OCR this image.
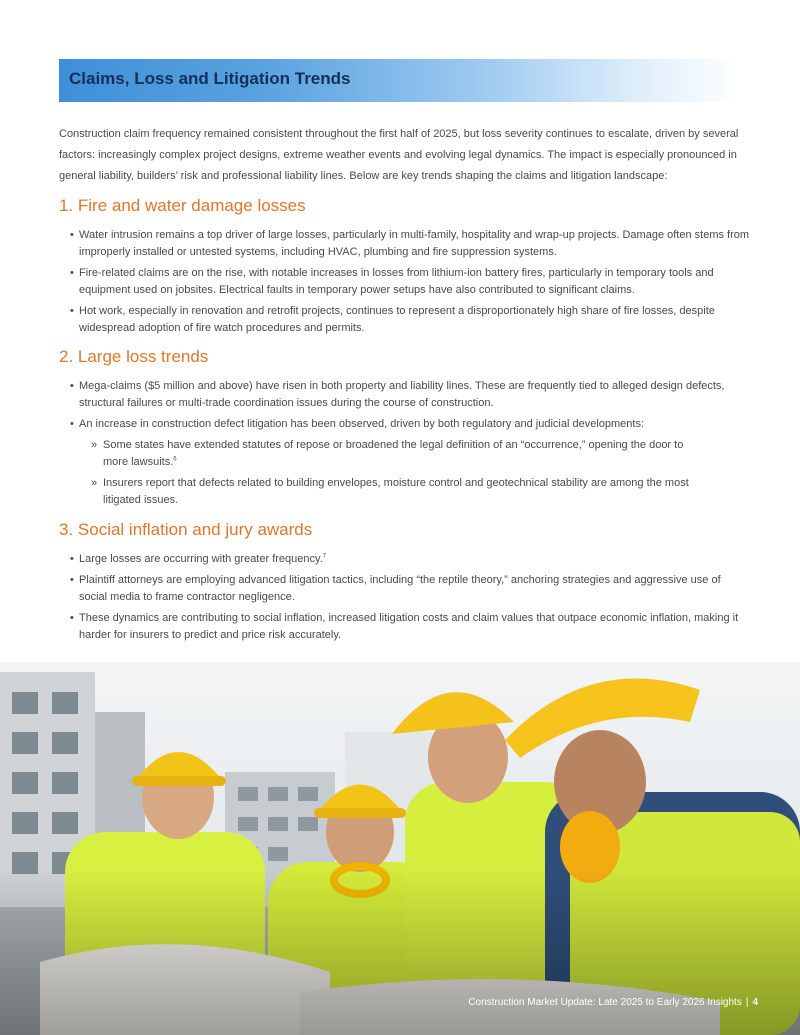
Claims, Loss and Litigation Trends

Construction claim frequency remained consistent throughout the first half of 2025, but loss severity continues to escalate, driven by several factors: increasingly complex project designs, extreme weather events and evolving legal dynamics. The impact is especially pronounced in general liability, builders’ risk and professional liability lines. Below are key trends shaping the claims and litigation landscape:

1. Fire and water damage losses
• Water intrusion remains a top driver of large losses, particularly in multi-family, hospitality and wrap-up projects. Damage often stems from improperly installed or untested systems, including HVAC, plumbing and fire suppression systems.
• Fire-related claims are on the rise, with notable increases in losses from lithium-ion battery fires, particularly in temporary tools and equipment used on jobsites. Electrical faults in temporary power setups have also contributed to significant claims.
• Hot work, especially in renovation and retrofit projects, continues to represent a disproportionately high share of fire losses, despite widespread adoption of fire watch procedures and permits.
2. Large loss trends
• Mega-claims ($5 million and above) have risen in both property and liability lines. These are frequently tied to alleged design defects, structural failures or multi-trade coordination issues during the course of construction.
• An increase in construction defect litigation has been observed, driven by both regulatory and judicial developments:
» Some states have extended statutes of repose or broadened the legal definition of an “occurrence,” opening the door to more lawsuits.$^6$
» Insurers report that defects related to building envelopes, moisture control and geotechnical stability are among the most litigated issues.
3. Social inflation and jury awards
• Large losses are occurring with greater frequency.$^7$
• Plaintiff attorneys are employing advanced litigation tactics, including “the reptile theory,” anchoring strategies and aggressive use of social media to frame contractor negligence.
• These dynamics are contributing to social inflation, increased litigation costs and claim values that outpace economic inflation, making it harder for insurers to predict and price risk accurately.
Construction Market Update: Late 2025 to Early 2026 Insights | 4
